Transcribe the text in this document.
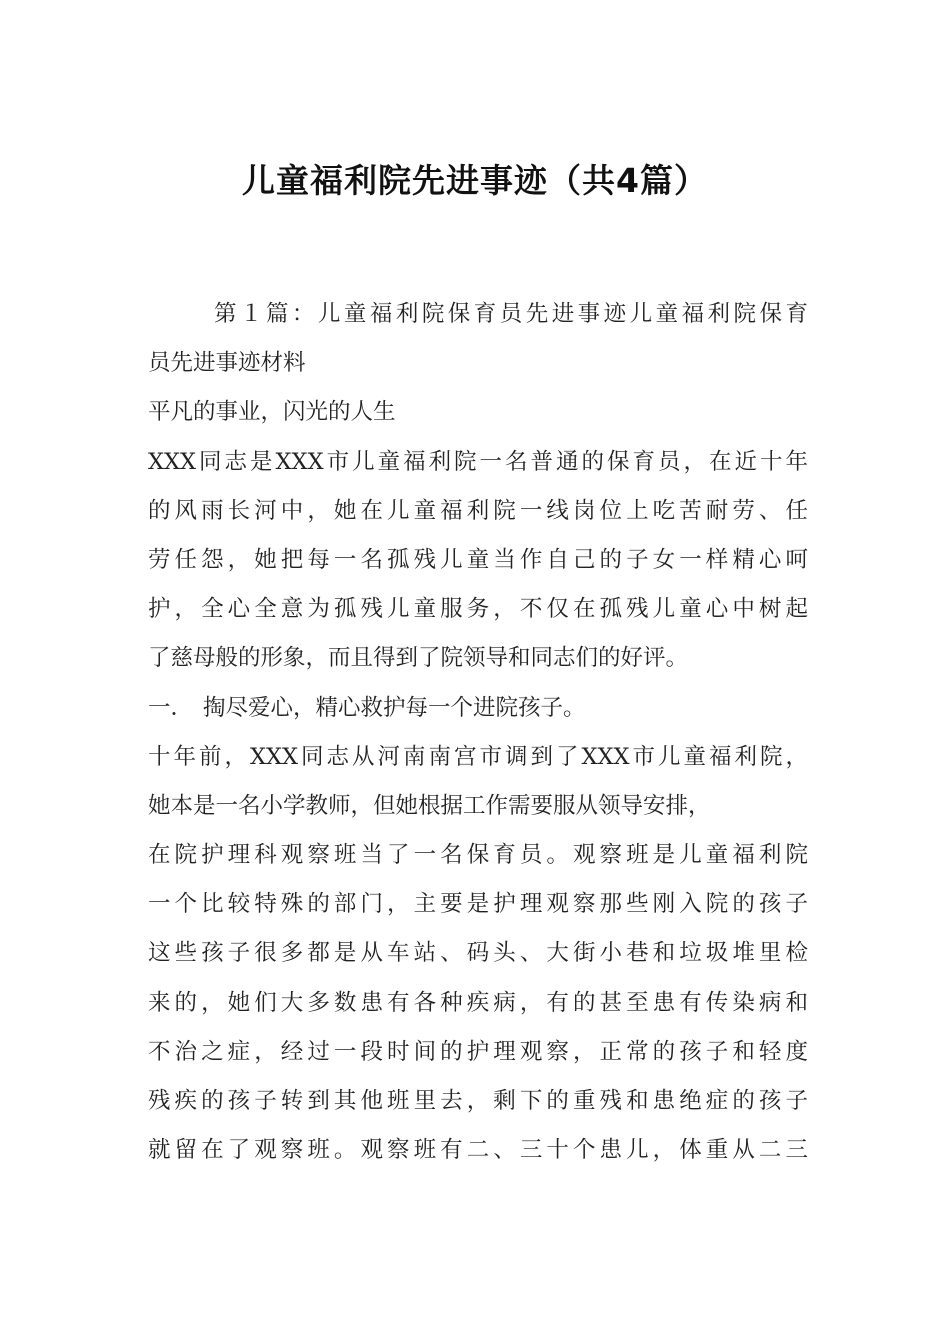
儿童福利院先进事迹（共4篇）
第１篇：儿童福利院保育员先进事迹儿童福利院保育
员先进事迹材料
平凡的事业，闪光的人生
XXX同志是XXX市儿童福利院一名普通的保育员，在近十年
的风雨长河中，她在儿童福利院一线岗位上吃苦耐劳、任
劳任怨，她把每一名孤残儿童当作自己的子女一样精心呵
护，全心全意为孤残儿童服务，不仅在孤残儿童心中树起
了慈母般的形象，而且得到了院领导和同志们的好评。
一． 掏尽爱心，精心救护每一个进院孩子。
十年前，XXX同志从河南南宫市调到了XXX市儿童福利院，
她本是一名小学教师，但她根据工作需要服从领导安排，
在院护理科观察班当了一名保育员。观察班是儿童福利院
一个比较特殊的部门，主要是护理观察那些刚入院的孩子
这些孩子很多都是从车站、码头、大街小巷和垃圾堆里检
来的，她们大多数患有各种疾病，有的甚至患有传染病和
不治之症，经过一段时间的护理观察，正常的孩子和轻度
残疾的孩子转到其他班里去，剩下的重残和患绝症的孩子
就留在了观察班。观察班有二、三十个患儿，体重从二三
